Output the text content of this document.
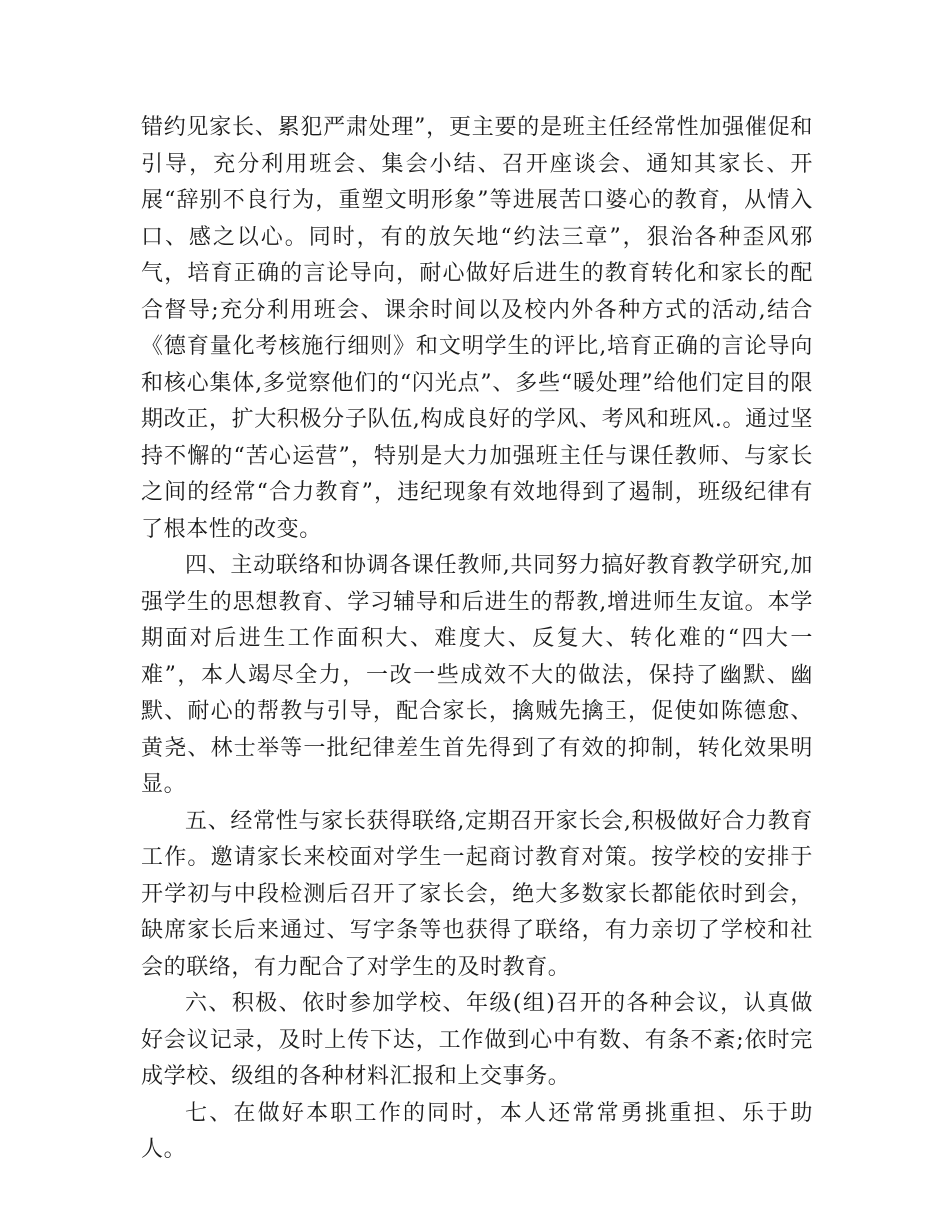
错约见家长、累犯严肃处理”，更主要的是班主任经常性加强催促和引导，充分利用班会、集会小结、召开座谈会、通知其家长、开展“辞别不良行为，重塑文明形象”等进展苦口婆心的教育，从情入口、感之以心。同时，有的放矢地“约法三章”，狠治各种歪风邪气，培育正确的言论导向，耐心做好后进生的教育转化和家长的配合督导;充分利用班会、课余时间以及校内外各种方式的活动,结合《德育量化考核施行细则》和文明学生的评比,培育正确的言论导向和核心集体,多觉察他们的“闪光点”、多些“暖处理”给他们定目的限期改正，扩大积极分子队伍,构成良好的学风、考风和班风.。通过坚持不懈的“苦心运营”，特别是大力加强班主任与课任教师、与家长之间的经常“合力教育”，违纪现象有效地得到了遏制，班级纪律有了根本性的改变。

四、主动联络和协调各课任教师,共同努力搞好教育教学研究,加强学生的思想教育、学习辅导和后进生的帮教,增进师生友谊。本学期面对后进生工作面积大、难度大、反复大、转化难的“四大一难”，本人竭尽全力，一改一些成效不大的做法，保持了幽默、幽默、耐心的帮教与引导，配合家长，擒贼先擒王，促使如陈德愈、黄尧、林士举等一批纪律差生首先得到了有效的抑制，转化效果明显。

五、经常性与家长获得联络,定期召开家长会,积极做好合力教育工作。邀请家长来校面对学生一起商讨教育对策。按学校的安排于开学初与中段检测后召开了家长会，绝大多数家长都能依时到会，缺席家长后来通过、写字条等也获得了联络，有力亲切了学校和社会的联络，有力配合了对学生的及时教育。

六、积极、依时参加学校、年级(组)召开的各种会议，认真做好会议记录，及时上传下达，工作做到心中有数、有条不紊;依时完成学校、级组的各种材料汇报和上交事务。

七、在做好本职工作的同时，本人还常常勇挑重担、乐于助人。
